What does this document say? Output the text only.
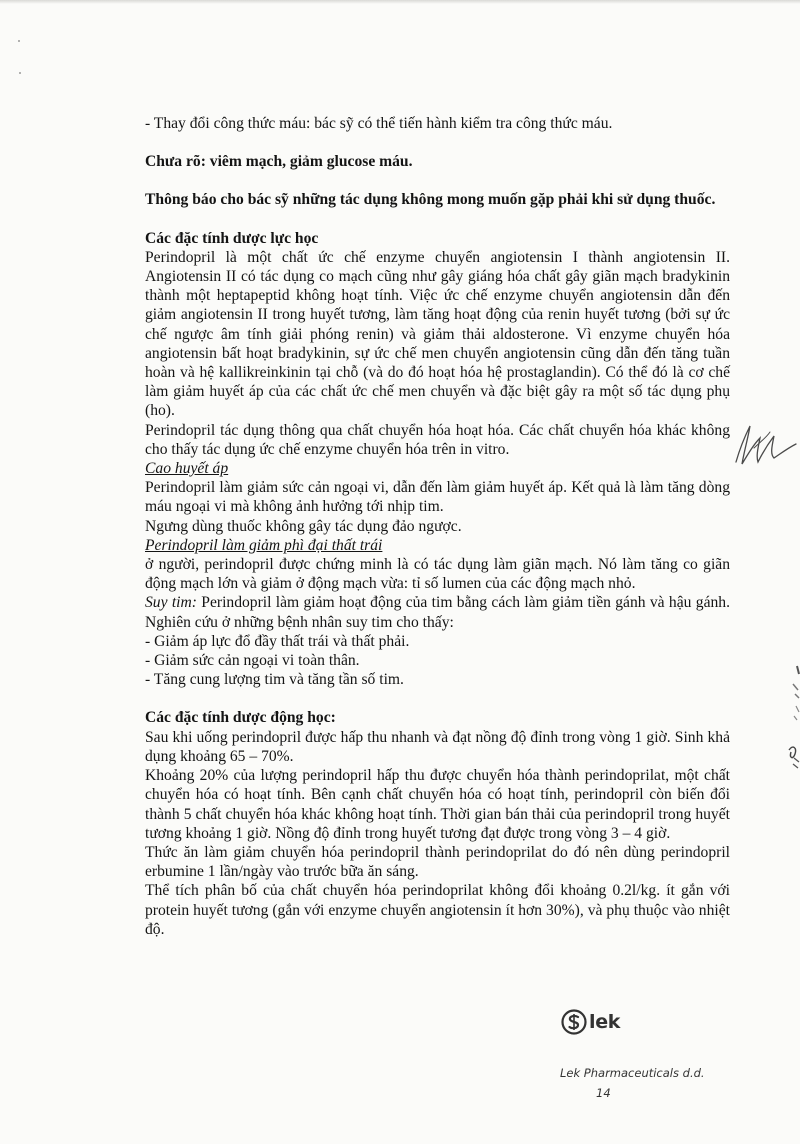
- Thay đổi công thức máu: bác sỹ có thể tiến hành kiểm tra công thức máu.

Chưa rõ: viêm mạch, giảm glucose máu.

Thông báo cho bác sỹ những tác dụng không mong muốn gặp phải khi sử dụng thuốc.

Các đặc tính dược lực học

Perindopril là một chất ức chế enzyme chuyển angiotensin I thành angiotensin II. Angiotensin II có tác dụng co mạch cũng như gây giáng hóa chất gây giãn mạch bradykinin thành một heptapeptid không hoạt tính. Việc ức chế enzyme chuyển angiotensin dẫn đến giảm angiotensin II trong huyết tương, làm tăng hoạt động của renin huyết tương (bởi sự ức chế ngược âm tính giải phóng renin) và giảm thải aldosterone. Vì enzyme chuyển hóa angiotensin bất hoạt bradykinin, sự ức chế men chuyển angiotensin cũng dẫn đến tăng tuần hoàn và hệ kallikreinkinin tại chỗ (và do đó hoạt hóa hệ prostaglandin). Có thể đó là cơ chế làm giảm huyết áp của các chất ức chế men chuyển và đặc biệt gây ra một số tác dụng phụ (ho).

Perindopril tác dụng thông qua chất chuyển hóa hoạt hóa. Các chất chuyển hóa khác không cho thấy tác dụng ức chế enzyme chuyển hóa trên in vitro.

Cao huyết áp

Perindopril làm giảm sức cản ngoại vi, dẫn đến làm giảm huyết áp. Kết quả là làm tăng dòng máu ngoại vi mà không ảnh hưởng tới nhịp tim.

Ngưng dùng thuốc không gây tác dụng đảo ngược.

Perindopril làm giảm phì đại thất trái

ở người, perindopril được chứng minh là có tác dụng làm giãn mạch. Nó làm tăng co giãn động mạch lớn và giảm ở động mạch vừa: tỉ số lumen của các động mạch nhỏ.

Suy tim: Perindopril làm giảm hoạt động của tim bằng cách làm giảm tiền gánh và hậu gánh. Nghiên cứu ở những bệnh nhân suy tim cho thấy:

- Giảm áp lực đổ đầy thất trái và thất phải.

- Giảm sức cản ngoại vi toàn thân.

- Tăng cung lượng tim và tăng tần số tim.

Các đặc tính dược động học:

Sau khi uống perindopril được hấp thu nhanh và đạt nồng độ đỉnh trong vòng 1 giờ. Sinh khả dụng khoảng 65 – 70%.

Khoảng 20% của lượng perindopril hấp thu được chuyển hóa thành perindoprilat, một chất chuyển hóa có hoạt tính. Bên cạnh chất chuyển hóa có hoạt tính, perindopril còn biến đổi thành 5 chất chuyển hóa khác không hoạt tính. Thời gian bán thải của perindopril trong huyết tương khoảng 1 giờ. Nồng độ đỉnh trong huyết tương đạt được trong vòng 3 – 4 giờ.

Thức ăn làm giảm chuyển hóa perindopril thành perindoprilat do đó nên dùng perindopril erbumine 1 lần/ngày vào trước bữa ăn sáng.

Thể tích phân bố của chất chuyển hóa perindoprilat không đổi khoảng 0.2l/kg. ít gắn với protein huyết tương (gắn với enzyme chuyển angiotensin ít hơn 30%), và phụ thuộc vào nhiệt độ.

lek
Lek Pharmaceuticals d.d.
14
